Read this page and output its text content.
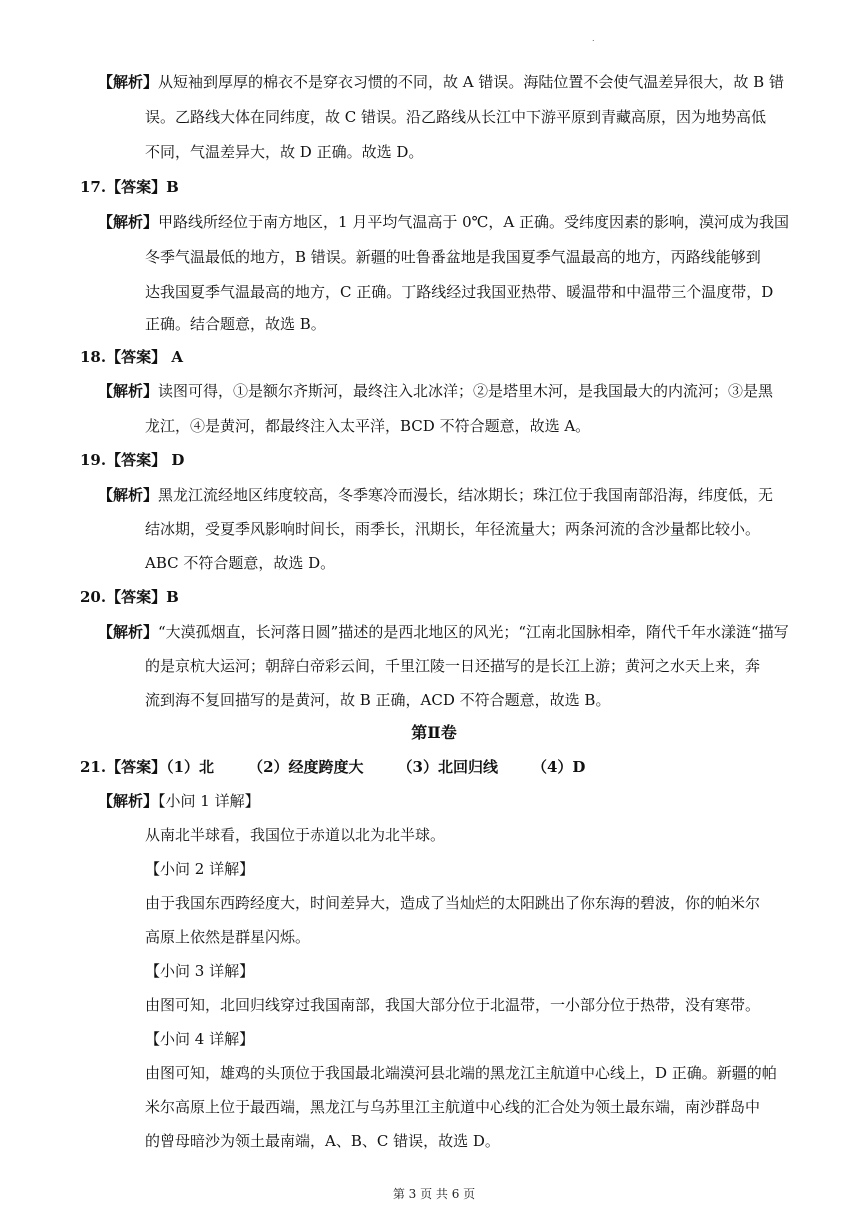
.
【解析】从短袖到厚厚的棉衣不是穿衣习惯的不同，故 A 错误。海陆位置不会使气温差异很大，故 B 错
误。乙路线大体在同纬度，故 C 错误。沿乙路线从长江中下游平原到青藏高原，因为地势高低
不同，气温差异大，故 D 正确。故选 D。
17.【答案】B
【解析】甲路线所经位于南方地区，1 月平均气温高于 0℃，A 正确。受纬度因素的影响，漠河成为我国
冬季气温最低的地方，B 错误。新疆的吐鲁番盆地是我国夏季气温最高的地方，丙路线能够到
达我国夏季气温最高的地方，C 正确。丁路线经过我国亚热带、暖温带和中温带三个温度带，D
正确。结合题意，故选 B。
18.【答案】 A
【解析】读图可得，①是额尔齐斯河，最终注入北冰洋；②是塔里木河，是我国最大的内流河；③是黑
龙江，④是黄河，都最终注入太平洋，BCD 不符合题意，故选 A。
19.【答案】 D
【解析】黑龙江流经地区纬度较高，冬季寒冷而漫长，结冰期长；珠江位于我国南部沿海，纬度低，无
结冰期，受夏季风影响时间长，雨季长，汛期长，年径流量大；两条河流的含沙量都比较小。
ABC 不符合题意，故选 D。
20.【答案】B
【解析】“大漠孤烟直，长河落日圆”描述的是西北地区的风光；“江南北国脉相牵，隋代千年水漾涟“描写
的是京杭大运河；朝辞白帝彩云间，千里江陵一日还描写的是长江上游；黄河之水天上来，奔
流到海不复回描写的是黄河，故 B 正确，ACD 不符合题意，故选 B。
第Ⅱ卷
21.【答案】（1）北 （2）经度跨度大 （3）北回归线 （4）D
【解析】【小问 1 详解】
从南北半球看，我国位于赤道以北为北半球。
【小问 2 详解】
由于我国东西跨经度大，时间差异大，造成了当灿烂的太阳跳出了你东海的碧波，你的帕米尔
高原上依然是群星闪烁。
【小问 3 详解】
由图可知，北回归线穿过我国南部，我国大部分位于北温带，一小部分位于热带，没有寒带。
【小问 4 详解】
由图可知，雄鸡的头顶位于我国最北端漠河县北端的黑龙江主航道中心线上，D 正确。新疆的帕
米尔高原上位于最西端，黑龙江与乌苏里江主航道中心线的汇合处为领土最东端，南沙群岛中
的曾母暗沙为领土最南端，A、B、C 错误，故选 D。
第 3 页 共 6 页
